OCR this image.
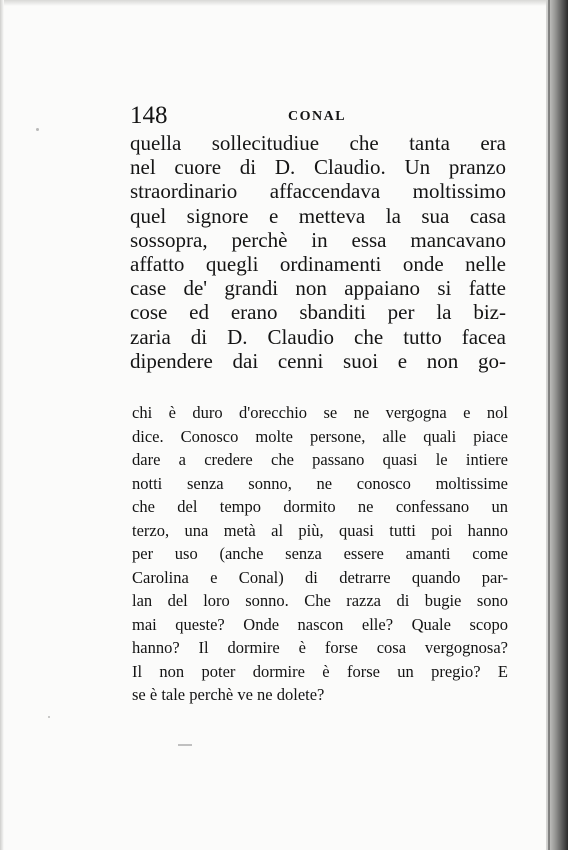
148	CONAL
quella sollecitudiue che tanta era
nel cuore di D. Claudio. Un pranzo
straordinario affaccendava moltissimo
quel signore e metteva la sua casa
sossopra, perchè in essa mancavano
affatto quegli ordinamenti onde nelle
case de' grandi non appaiano si fatte
cose ed erano sbanditi per la biz-
zaria di D. Claudio che tutto facea
dipendere dai cenni suoi e non go-
chi è duro d'orecchio se ne vergogna e nol
dice. Conosco molte persone, alle quali piace
dare a credere che passano quasi le intiere
notti senza sonno, ne conosco moltissime
che del tempo dormito ne confessano un
terzo, una metà al più, quasi tutti poi hanno
per uso (anche senza essere amanti come
Carolina e Conal) di detrarre quando par-
lan del loro sonno. Che razza di bugie sono
mai queste? Onde nascon elle? Quale scopo
hanno? Il dormire è forse cosa vergognosa?
Il non poter dormire è forse un pregio? E
se è tale perchè ve ne dolete?
